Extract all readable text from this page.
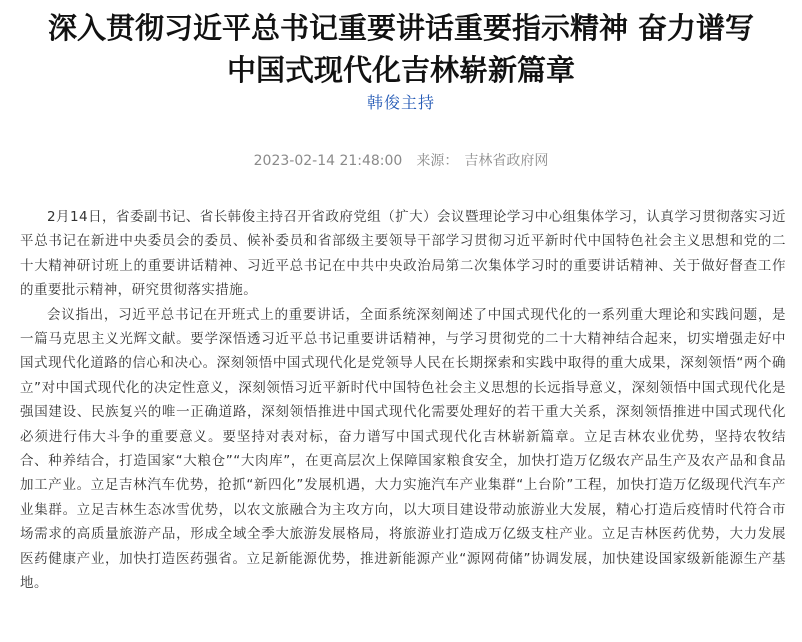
深入贯彻习近平总书记重要讲话重要指示精神 奋力谱写
中国式现代化吉林崭新篇章
韩俊主持
2023-02-14 21:48:00 来源： 吉林省政府网

2月14日，省委副书记、省长韩俊主持召开省政府党组（扩大）会议暨理论学习中心组集体学习，认真学习贯彻落实习近平总书记在新进中央委员会的委员、候补委员和省部级主要领导干部学习贯彻习近平新时代中国特色社会主义思想和党的二十大精神研讨班上的重要讲话精神、习近平总书记在中共中央政治局第二次集体学习时的重要讲话精神、关于做好督查工作的重要批示精神，研究贯彻落实措施。

会议指出，习近平总书记在开班式上的重要讲话，全面系统深刻阐述了中国式现代化的一系列重大理论和实践问题，是一篇马克思主义光辉文献。要学深悟透习近平总书记重要讲话精神，与学习贯彻党的二十大精神结合起来，切实增强走好中国式现代化道路的信心和决心。深刻领悟中国式现代化是党领导人民在长期探索和实践中取得的重大成果，深刻领悟“两个确立”对中国式现代化的决定性意义，深刻领悟习近平新时代中国特色社会主义思想的长远指导意义，深刻领悟中国式现代化是强国建设、民族复兴的唯一正确道路，深刻领悟推进中国式现代化需要处理好的若干重大关系，深刻领悟推进中国式现代化必须进行伟大斗争的重要意义。要坚持对表对标，奋力谱写中国式现代化吉林崭新篇章。立足吉林农业优势，坚持农牧结合、种养结合，打造国家“大粮仓”“大肉库”，在更高层次上保障国家粮食安全，加快打造万亿级农产品生产及农产品和食品加工产业。立足吉林汽车优势，抢抓“新四化”发展机遇，大力实施汽车产业集群“上台阶”工程，加快打造万亿级现代汽车产业集群。立足吉林生态冰雪优势，以农文旅融合为主攻方向，以大项目建设带动旅游业大发展，精心打造后疫情时代符合市场需求的高质量旅游产品，形成全域全季大旅游发展格局，将旅游业打造成万亿级支柱产业。立足吉林医药优势，大力发展医药健康产业，加快打造医药强省。立足新能源优势，推进新能源产业“源网荷储”协调发展，加快建设国家级新能源生产基地。
